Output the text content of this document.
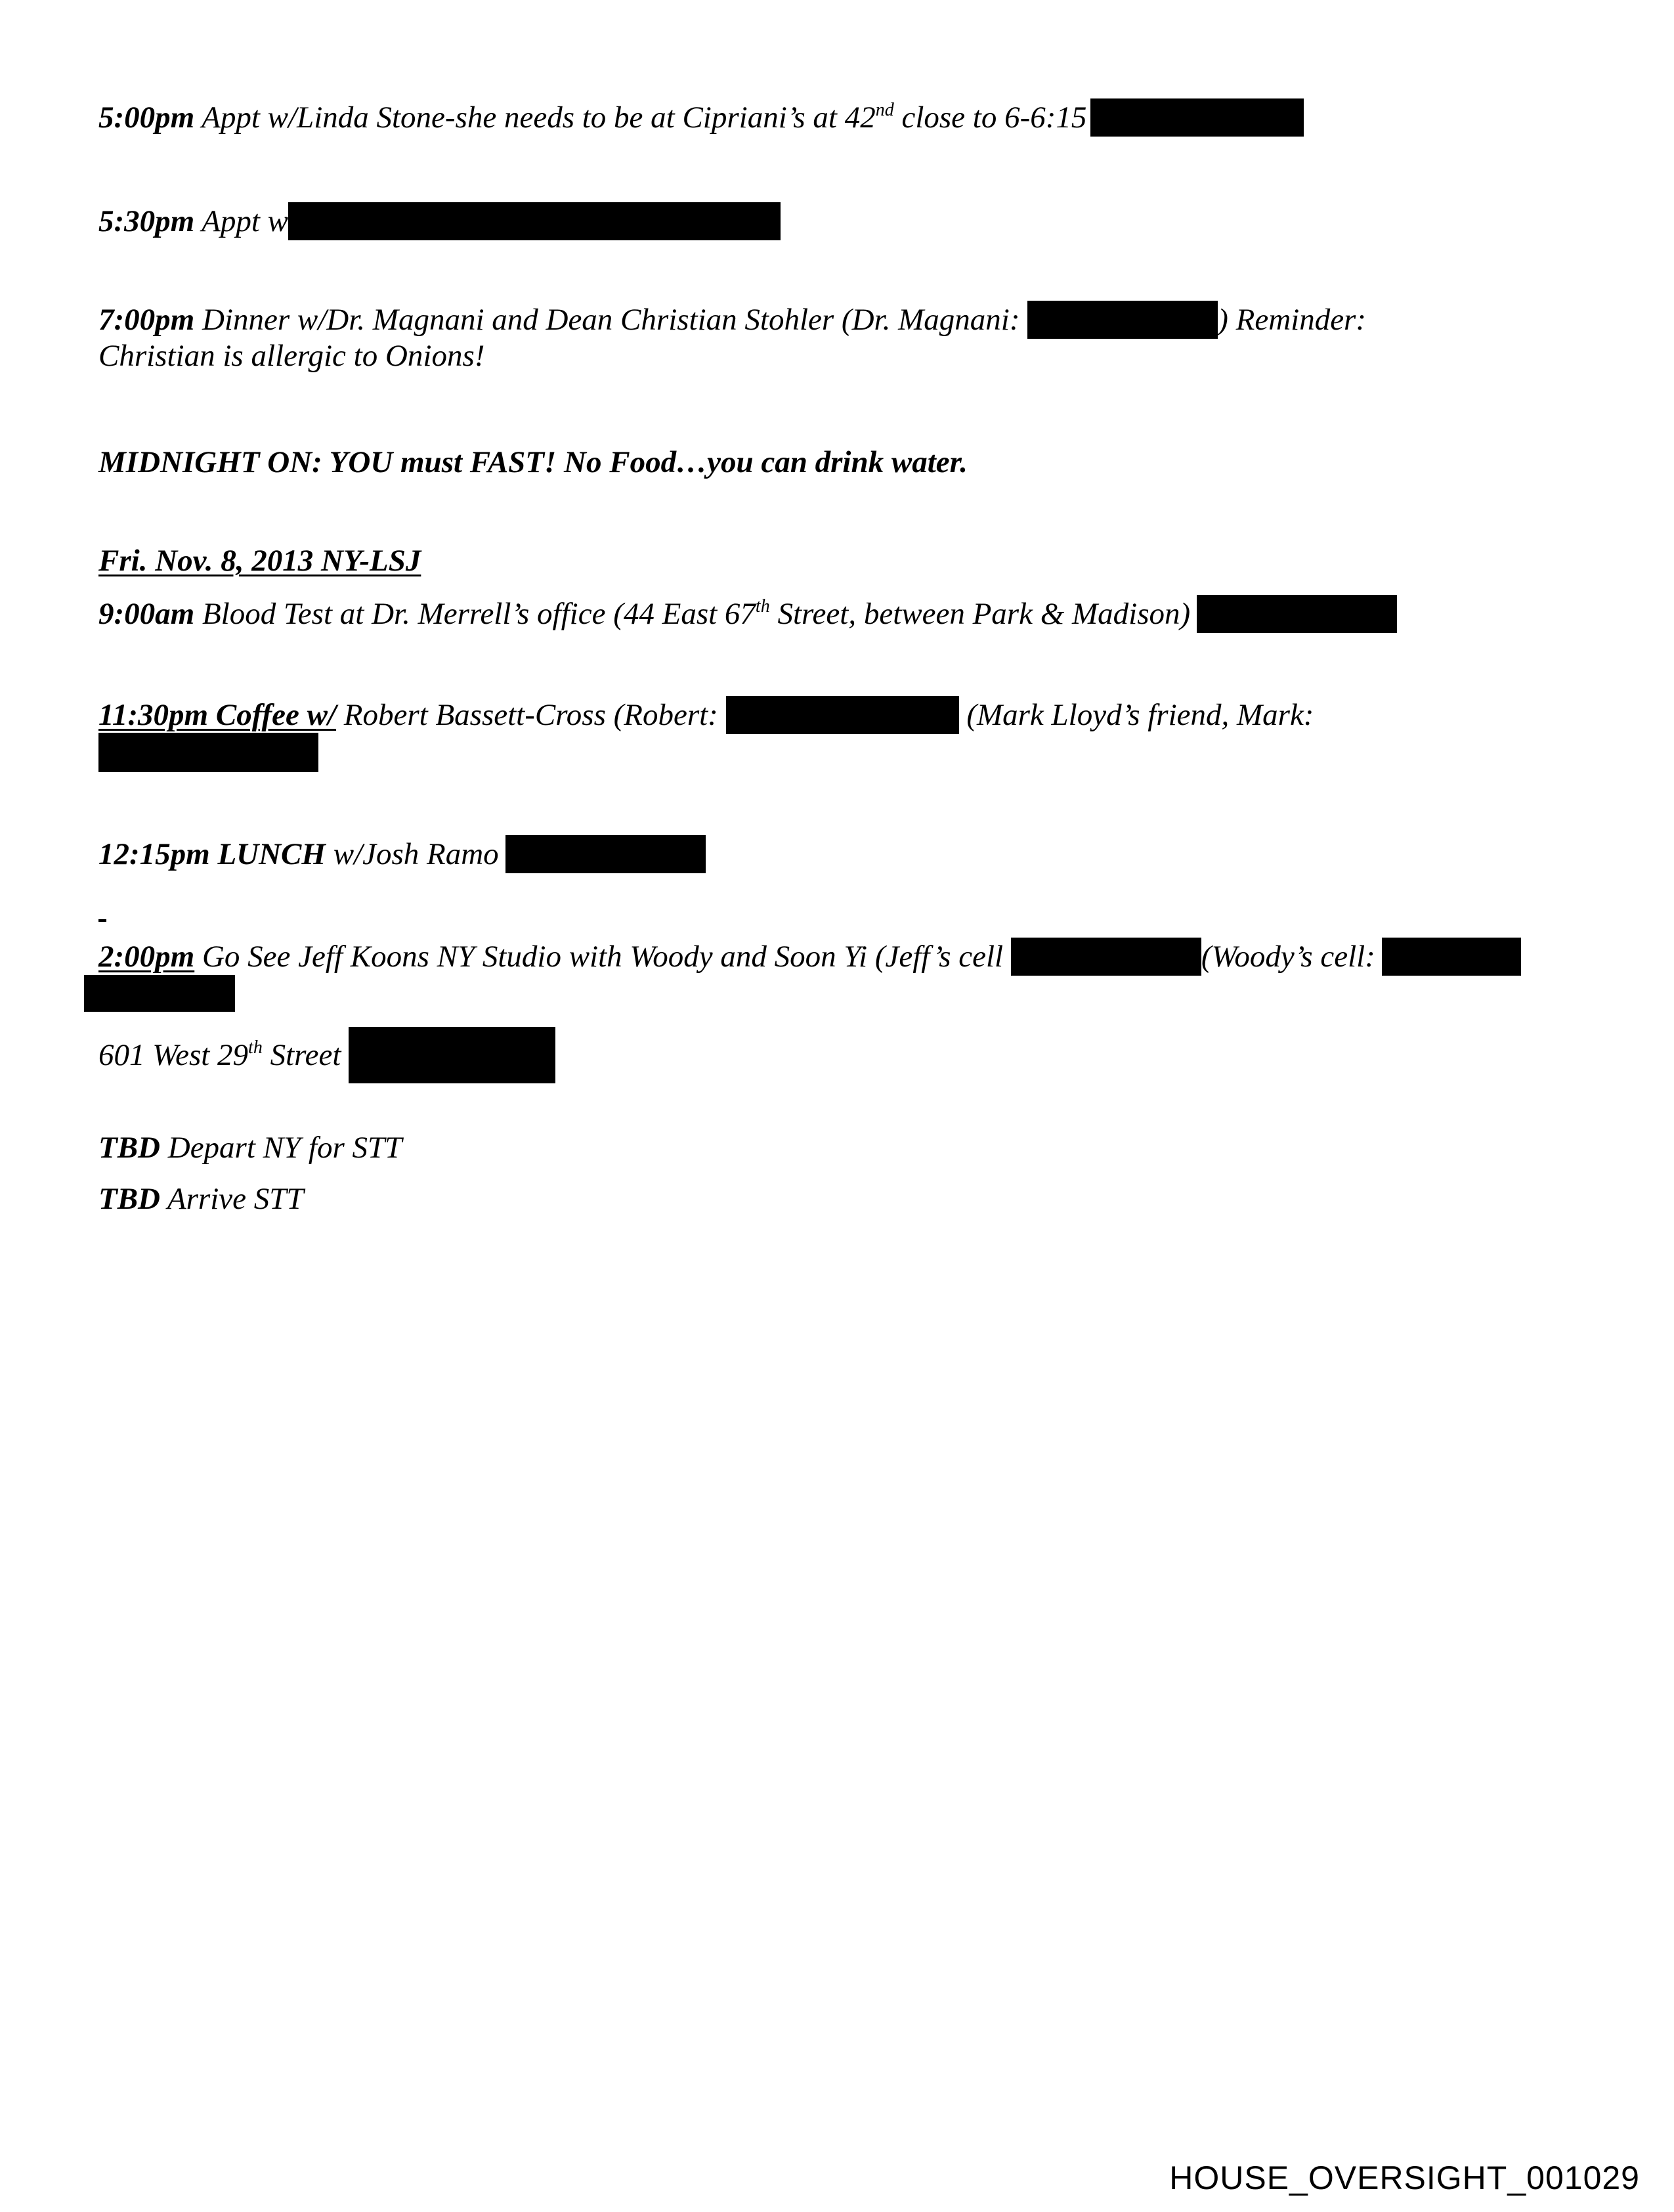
5:00pm Appt w/Linda Stone-she needs to be at Cipriani’s at 42nd close to 6-6:15
5:30pm Appt w
7:00pm Dinner w/Dr. Magnani and Dean Christian Stohler (Dr. Magnani:	) Reminder:
Christian is allergic to Onions!
MIDNIGHT ON: YOU must FAST! No Food…you can drink water.
Fri. Nov. 8, 2013 NY-LSJ
9:00am Blood Test at Dr. Merrell’s office (44 East 67th Street, between Park & Madison)
11:30pm Coffee w/ Robert Bassett-Cross (Robert:	(Mark Lloyd’s friend, Mark:
12:15pm LUNCH w/Josh Ramo
2:00pm Go See Jeff Koons NY Studio with Woody and Soon Yi (Jeff’s cell	(Woody’s cell:
601 West 29th Street
TBD Depart NY for STT
TBD Arrive STT
HOUSE_OVERSIGHT_001029
